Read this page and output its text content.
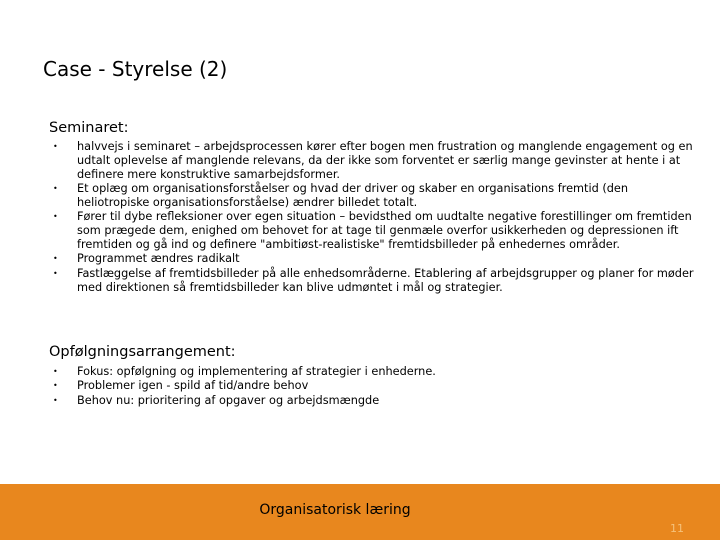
Case - Styrelse (2)
Seminaret:
• halvvejs i seminaret – arbejdsprocessen kører efter bogen men frustration og manglende engagement og en udtalt oplevelse af manglende relevans, da der ikke som forventet er særlig mange gevinster at hente i at definere mere konstruktive samarbejdsformer.
• Et oplæg om organisationsforståelser og hvad der driver og skaber en organisations fremtid (den heliotropiske organisationsforståelse) ændrer billedet totalt.
• Fører til dybe refleksioner over egen situation – bevidsthed om uudtalte negative forestillinger om fremtiden som prægede dem, enighed om behovet for at tage til genmæle overfor usikkerheden og depressionen ift fremtiden og gå ind og definere "ambitiøst-realistiske" fremtidsbilleder på enhedernes områder.
• Programmet ændres radikalt
• Fastlæggelse af fremtidsbilleder på alle enhedsområderne. Etablering af arbejdsgrupper og planer for møder med direktionen så fremtidsbilleder kan blive udmøntet i mål og strategier.
Opfølgningsarrangement:
• Fokus: opfølgning og implementering af strategier i enhederne.
• Problemer igen - spild af tid/andre behov
• Behov nu: prioritering af opgaver og arbejdsmængde
Organisatorisk læring
11
